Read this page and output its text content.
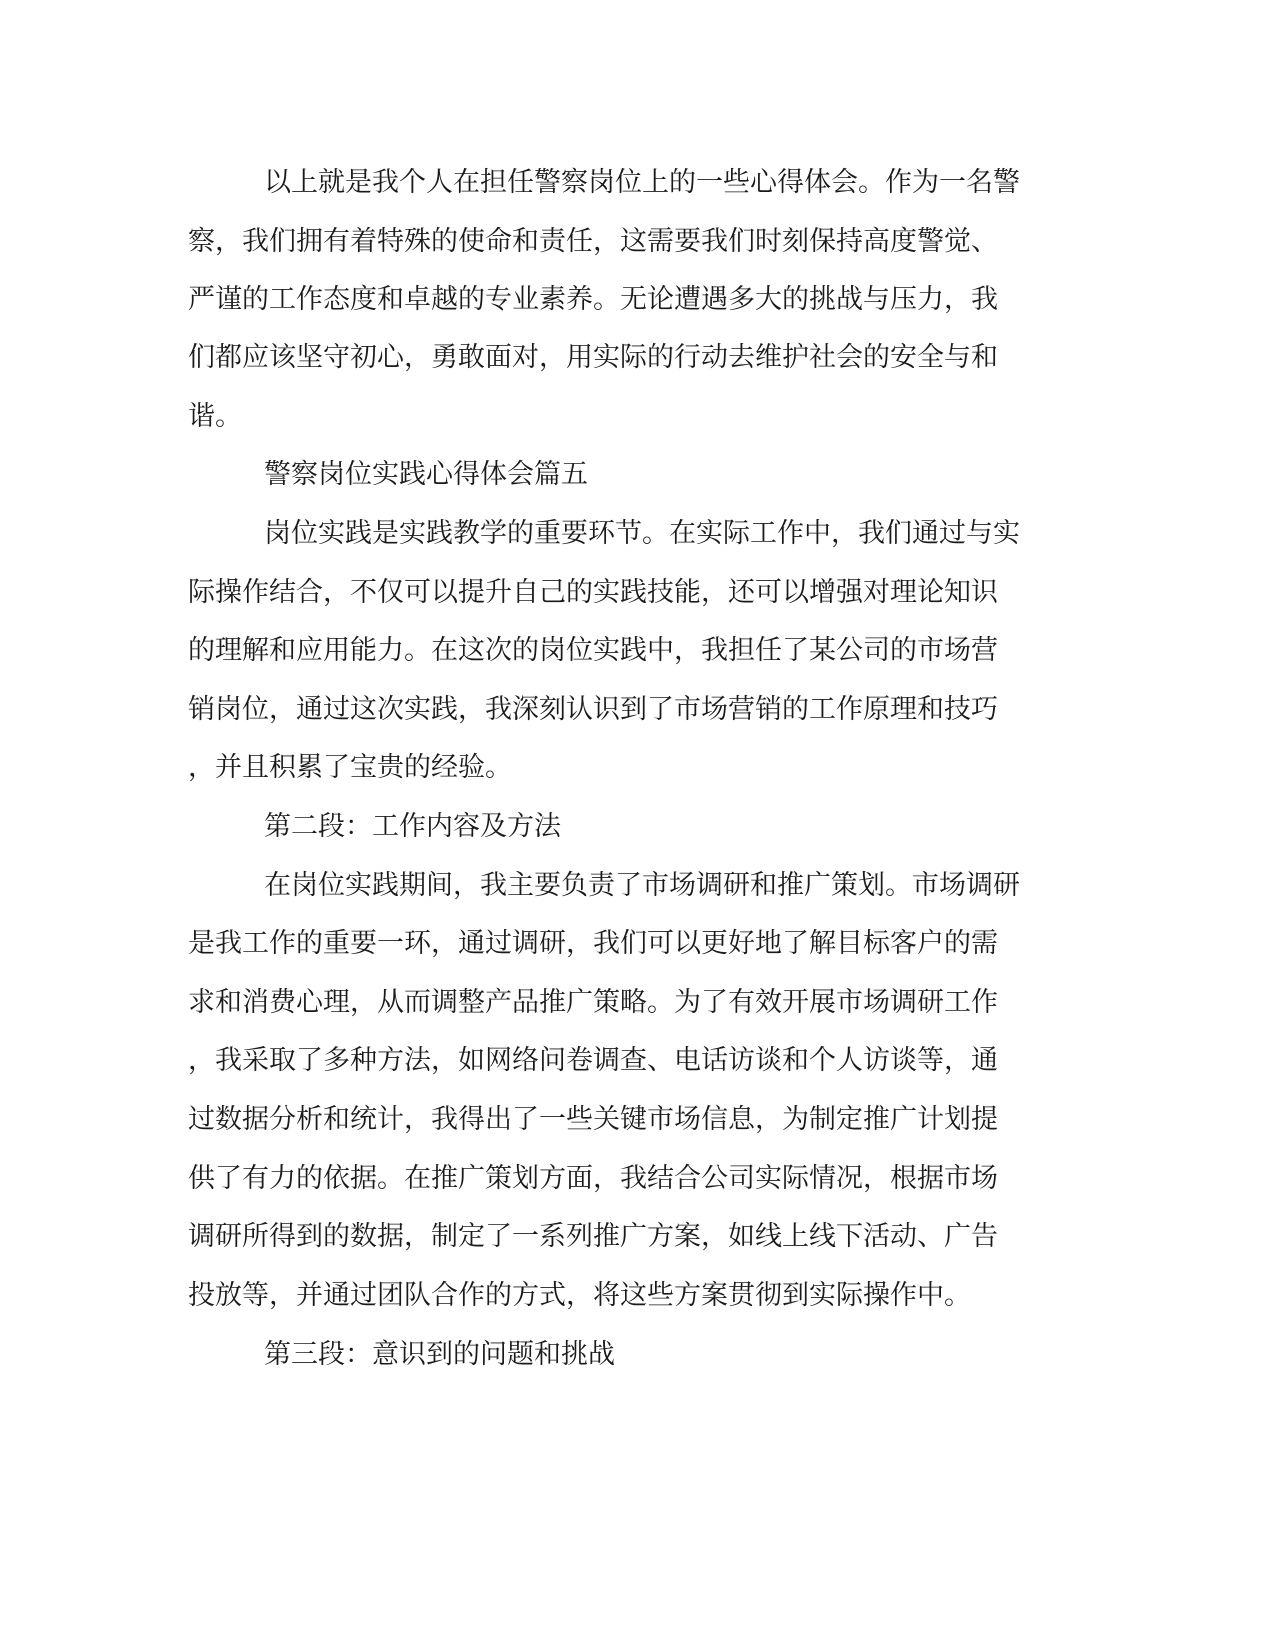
以上就是我个人在担任警察岗位上的一些心得体会。作为一名警

察，我们拥有着特殊的使命和责任，这需要我们时刻保持高度警觉、

严谨的工作态度和卓越的专业素养。无论遭遇多大的挑战与压力，我

们都应该坚守初心，勇敢面对，用实际的行动去维护社会的安全与和

谐。

警察岗位实践心得体会篇五

岗位实践是实践教学的重要环节。在实际工作中，我们通过与实

际操作结合，不仅可以提升自己的实践技能，还可以增强对理论知识

的理解和应用能力。在这次的岗位实践中，我担任了某公司的市场营

销岗位，通过这次实践，我深刻认识到了市场营销的工作原理和技巧

，并且积累了宝贵的经验。

第二段：工作内容及方法

在岗位实践期间，我主要负责了市场调研和推广策划。市场调研

是我工作的重要一环，通过调研，我们可以更好地了解目标客户的需

求和消费心理，从而调整产品推广策略。为了有效开展市场调研工作

，我采取了多种方法，如网络问卷调查、电话访谈和个人访谈等，通

过数据分析和统计，我得出了一些关键市场信息，为制定推广计划提

供了有力的依据。在推广策划方面，我结合公司实际情况，根据市场

调研所得到的数据，制定了一系列推广方案，如线上线下活动、广告

投放等，并通过团队合作的方式，将这些方案贯彻到实际操作中。

第三段：意识到的问题和挑战
